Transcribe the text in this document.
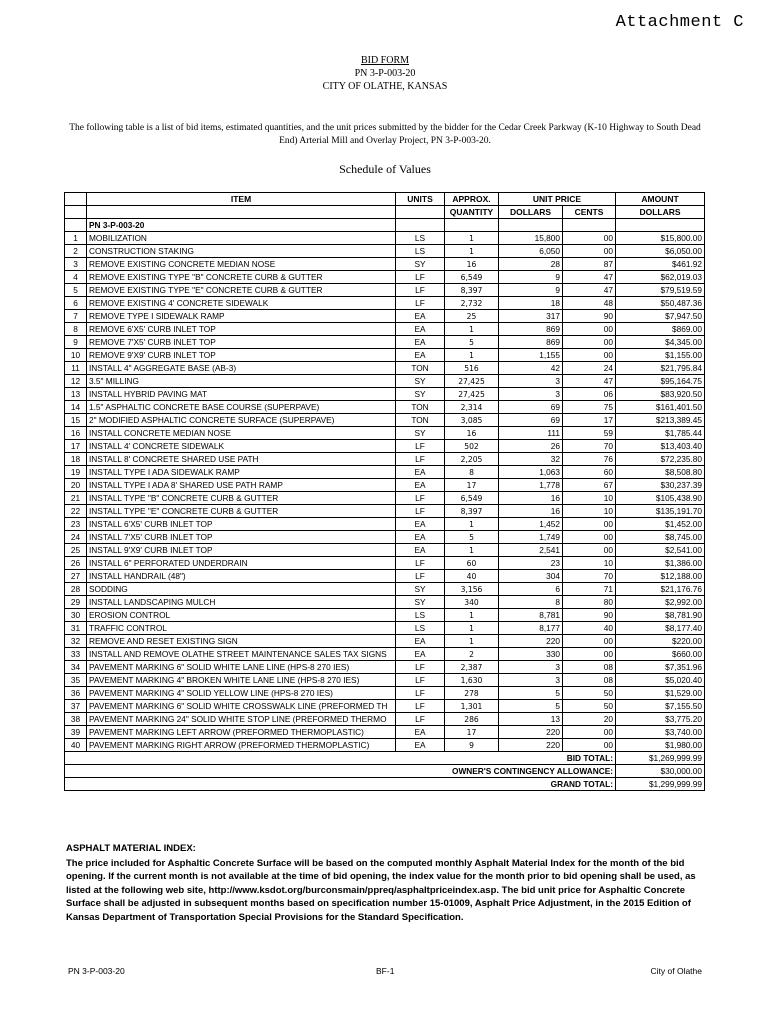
Attachment C
BID FORM
PN 3-P-003-20
CITY OF OLATHE, KANSAS
The following table is a list of bid items, estimated quantities, and the unit prices submitted by the bidder for the Cedar Creek Parkway (K-10 Highway to South Dead End) Arterial Mill and Overlay Project, PN 3-P-003-20.
Schedule of Values
	ITEM	UNITS	APPROX.	UNIT PRICE		AMOUNT
			QUANTITY	DOLLARS	CENTS	DOLLARS
	PN 3-P-003-20					
1	MOBILIZATION	LS	1	15,800	00	$15,800.00
2	CONSTRUCTION STAKING	LS	1	6,050	00	$6,050.00
3	REMOVE EXISTING CONCRETE MEDIAN NOSE	SY	16	28	87	$461.92
4	REMOVE EXISTING TYPE "B" CONCRETE CURB & GUTTER	LF	6,549	9	47	$62,019.03
5	REMOVE EXISTING TYPE "E" CONCRETE CURB & GUTTER	LF	8,397	9	47	$79,519.59
6	REMOVE EXISTING 4' CONCRETE SIDEWALK	LF	2,732	18	48	$50,487.36
7	REMOVE TYPE I SIDEWALK RAMP	EA	25	317	90	$7,947.50
8	REMOVE 6'X5' CURB INLET TOP	EA	1	869	00	$869.00
9	REMOVE 7'X5' CURB INLET TOP	EA	5	869	00	$4,345.00
10	REMOVE 9'X9' CURB INLET TOP	EA	1	1,155	00	$1,155.00
11	INSTALL 4" AGGREGATE BASE (AB-3)	TON	516	42	24	$21,795.84
12	3.5" MILLING	SY	27,425	3	47	$95,164.75
13	INSTALL HYBRID PAVING MAT	SY	27,425	3	06	$83,920.50
14	1.5" ASPHALTIC CONCRETE BASE COURSE (SUPERPAVE)	TON	2,314	69	75	$161,401.50
15	2" MODIFIED ASPHALTIC CONCRETE SURFACE (SUPERPAVE)	TON	3,085	69	17	$213,389.45
16	INSTALL CONCRETE MEDIAN NOSE	SY	16	111	59	$1,785.44
17	INSTALL 4' CONCRETE SIDEWALK	LF	502	26	70	$13,403.40
18	INSTALL 8' CONCRETE SHARED USE PATH	LF	2,205	32	76	$72,235.80
19	INSTALL TYPE I ADA SIDEWALK RAMP	EA	8	1,063	60	$8,508.80
20	INSTALL TYPE I ADA 8' SHARED USE PATH RAMP	EA	17	1,778	67	$30,237.39
21	INSTALL TYPE "B" CONCRETE CURB & GUTTER	LF	6,549	16	10	$105,438.90
22	INSTALL TYPE "E" CONCRETE CURB & GUTTER	LF	8,397	16	10	$135,191.70
23	INSTALL 6'X5' CURB INLET TOP	EA	1	1,452	00	$1,452.00
24	INSTALL 7'X5' CURB INLET TOP	EA	5	1,749	00	$8,745.00
25	INSTALL 9'X9' CURB INLET TOP	EA	1	2,541	00	$2,541.00
26	INSTALL 6" PERFORATED UNDERDRAIN	LF	60	23	10	$1,386.00
27	INSTALL HANDRAIL (48")	LF	40	304	70	$12,188.00
28	SODDING	SY	3,156	6	71	$21,176.76
29	INSTALL LANDSCAPING MULCH	SY	340	8	80	$2,992.00
30	EROSION CONTROL	LS	1	8,781	90	$8,781.90
31	TRAFFIC CONTROL	LS	1	8,177	40	$8,177.40
32	REMOVE AND RESET EXISTING SIGN	EA	1	220	00	$220.00
33	INSTALL AND REMOVE OLATHE STREET MAINTENANCE SALES TAX SIGNS	EA	2	330	00	$660.00
34	PAVEMENT MARKING 6" SOLID WHITE LANE LINE (HPS-8 270 IES)	LF	2,387	3	08	$7,351.96
35	PAVEMENT MARKING 4" BROKEN WHITE LANE LINE (HPS-8 270 IES)	LF	1,630	3	08	$5,020.40
36	PAVEMENT MARKING 4" SOLID YELLOW LINE (HPS-8 270 IES)	LF	278	5	50	$1,529.00
37	PAVEMENT MARKING 6" SOLID WHITE CROSSWALK LINE (PREFORMED TH	LF	1,301	5	50	$7,155.50
38	PAVEMENT MARKING 24" SOLID WHITE STOP LINE (PREFORMED THERMO	LF	286	13	20	$3,775.20
39	PAVEMENT MARKING LEFT ARROW (PREFORMED THERMOPLASTIC)	EA	17	220	00	$3,740.00
40	PAVEMENT MARKING RIGHT ARROW (PREFORMED THERMOPLASTIC)	EA	9	220	00	$1,980.00
BID TOTAL:						$1,269,999.99
OWNER'S CONTINGENCY ALLOWANCE:						$30,000.00
GRAND TOTAL:						$1,299,999.99
ASPHALT MATERIAL INDEX:
The price included for Asphaltic Concrete Surface will be based on the computed monthly Asphalt Material Index for the month of the bid opening. If the current month is not available at the time of bid opening, the index value for the month prior to bid opening shall be used, as listed at the following web site, http://www.ksdot.org/burconsmain/ppreq/asphaltpriceindex.asp. The bid unit price for Asphaltic Concrete Surface shall be adjusted in subsequent months based on specification number 15-01009, Asphalt Price Adjustment, in the 2015 Edition of Kansas Department of Transportation Special Provisions for the Standard Specification.
PN 3-P-003-20	BF-1	City of Olathe
